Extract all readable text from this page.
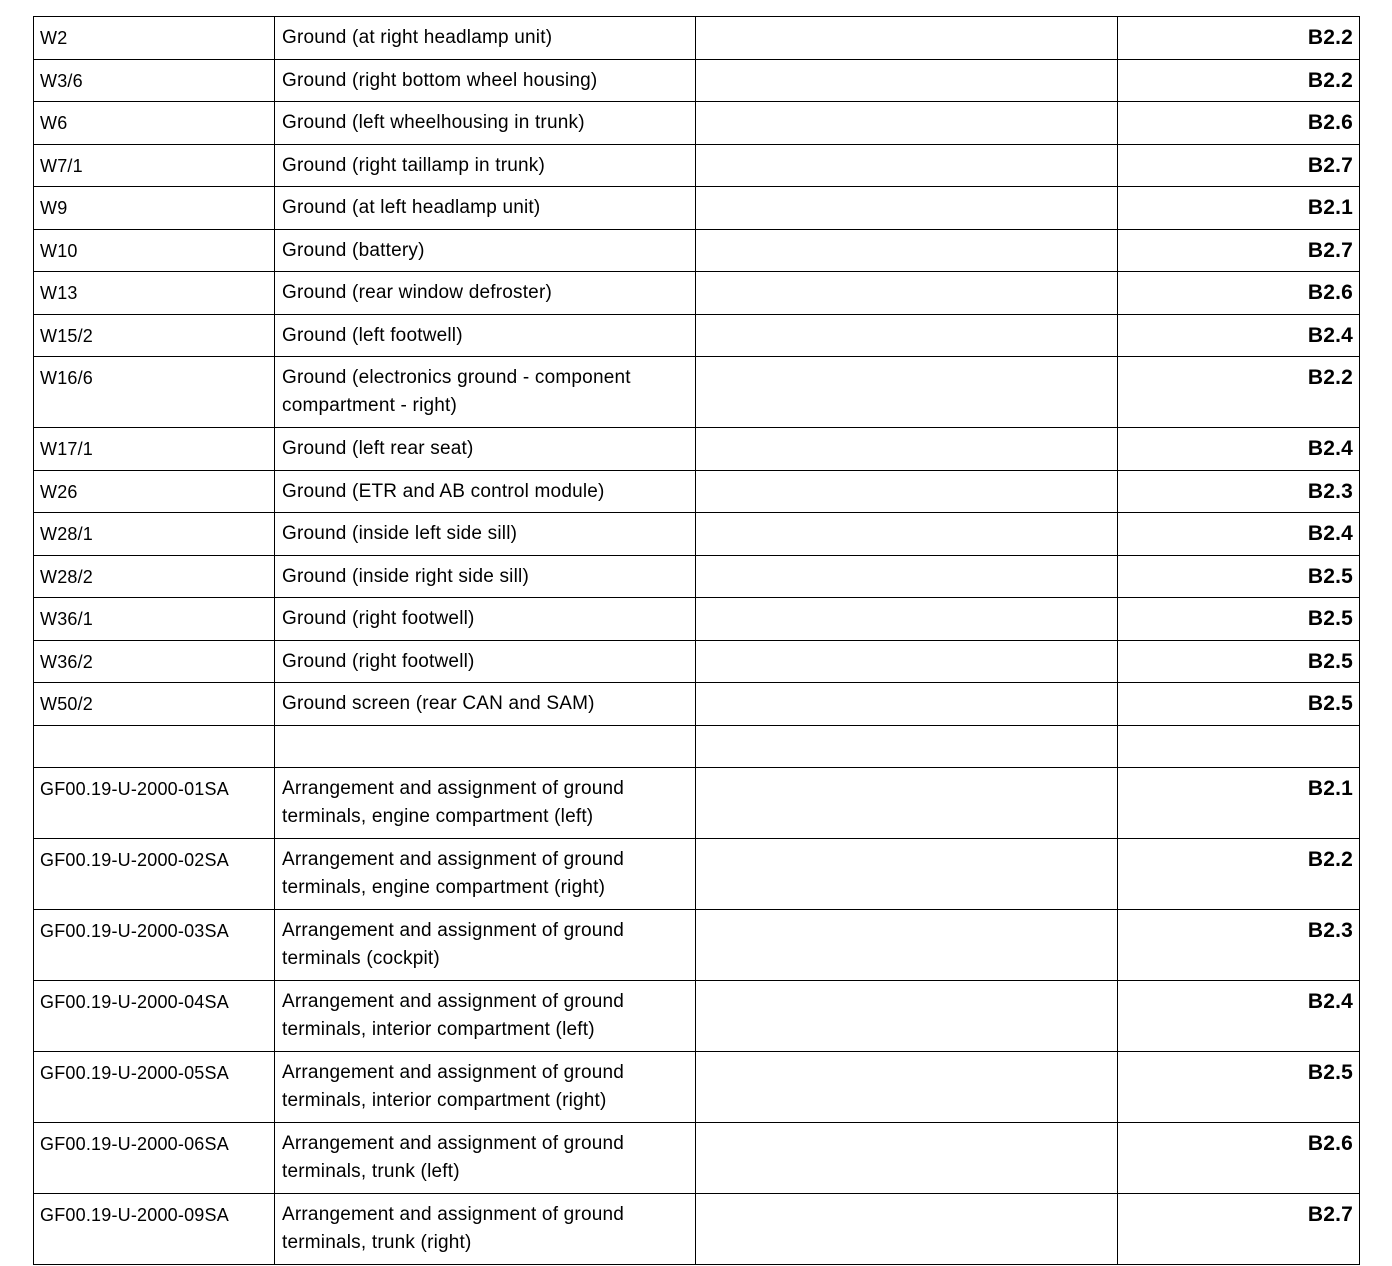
W2	Ground (at right headlamp unit)		B2.2
W3/6	Ground (right bottom wheel housing)		B2.2
W6	Ground (left wheelhousing in trunk)		B2.6
W7/1	Ground (right taillamp in trunk)		B2.7
W9	Ground (at left headlamp unit)		B2.1
W10	Ground (battery)		B2.7
W13	Ground (rear window defroster)		B2.6
W15/2	Ground (left footwell)		B2.4
W16/6	Ground (electronics ground - component compartment - right)		B2.2
W17/1	Ground (left rear seat)		B2.4
W26	Ground (ETR and AB control module)		B2.3
W28/1	Ground (inside left side sill)		B2.4
W28/2	Ground (inside right side sill)		B2.5
W36/1	Ground (right footwell)		B2.5
W36/2	Ground (right footwell)		B2.5
W50/2	Ground screen (rear CAN and SAM)		B2.5

GF00.19-U-2000-01SA	Arrangement and assignment of ground terminals, engine compartment (left)		B2.1
GF00.19-U-2000-02SA	Arrangement and assignment of ground terminals, engine compartment (right)		B2.2
GF00.19-U-2000-03SA	Arrangement and assignment of ground terminals (cockpit)		B2.3
GF00.19-U-2000-04SA	Arrangement and assignment of ground terminals, interior compartment (left)		B2.4
GF00.19-U-2000-05SA	Arrangement and assignment of ground terminals, interior compartment (right)		B2.5
GF00.19-U-2000-06SA	Arrangement and assignment of ground terminals, trunk (left)		B2.6
GF00.19-U-2000-09SA	Arrangement and assignment of ground terminals, trunk (right)		B2.7
